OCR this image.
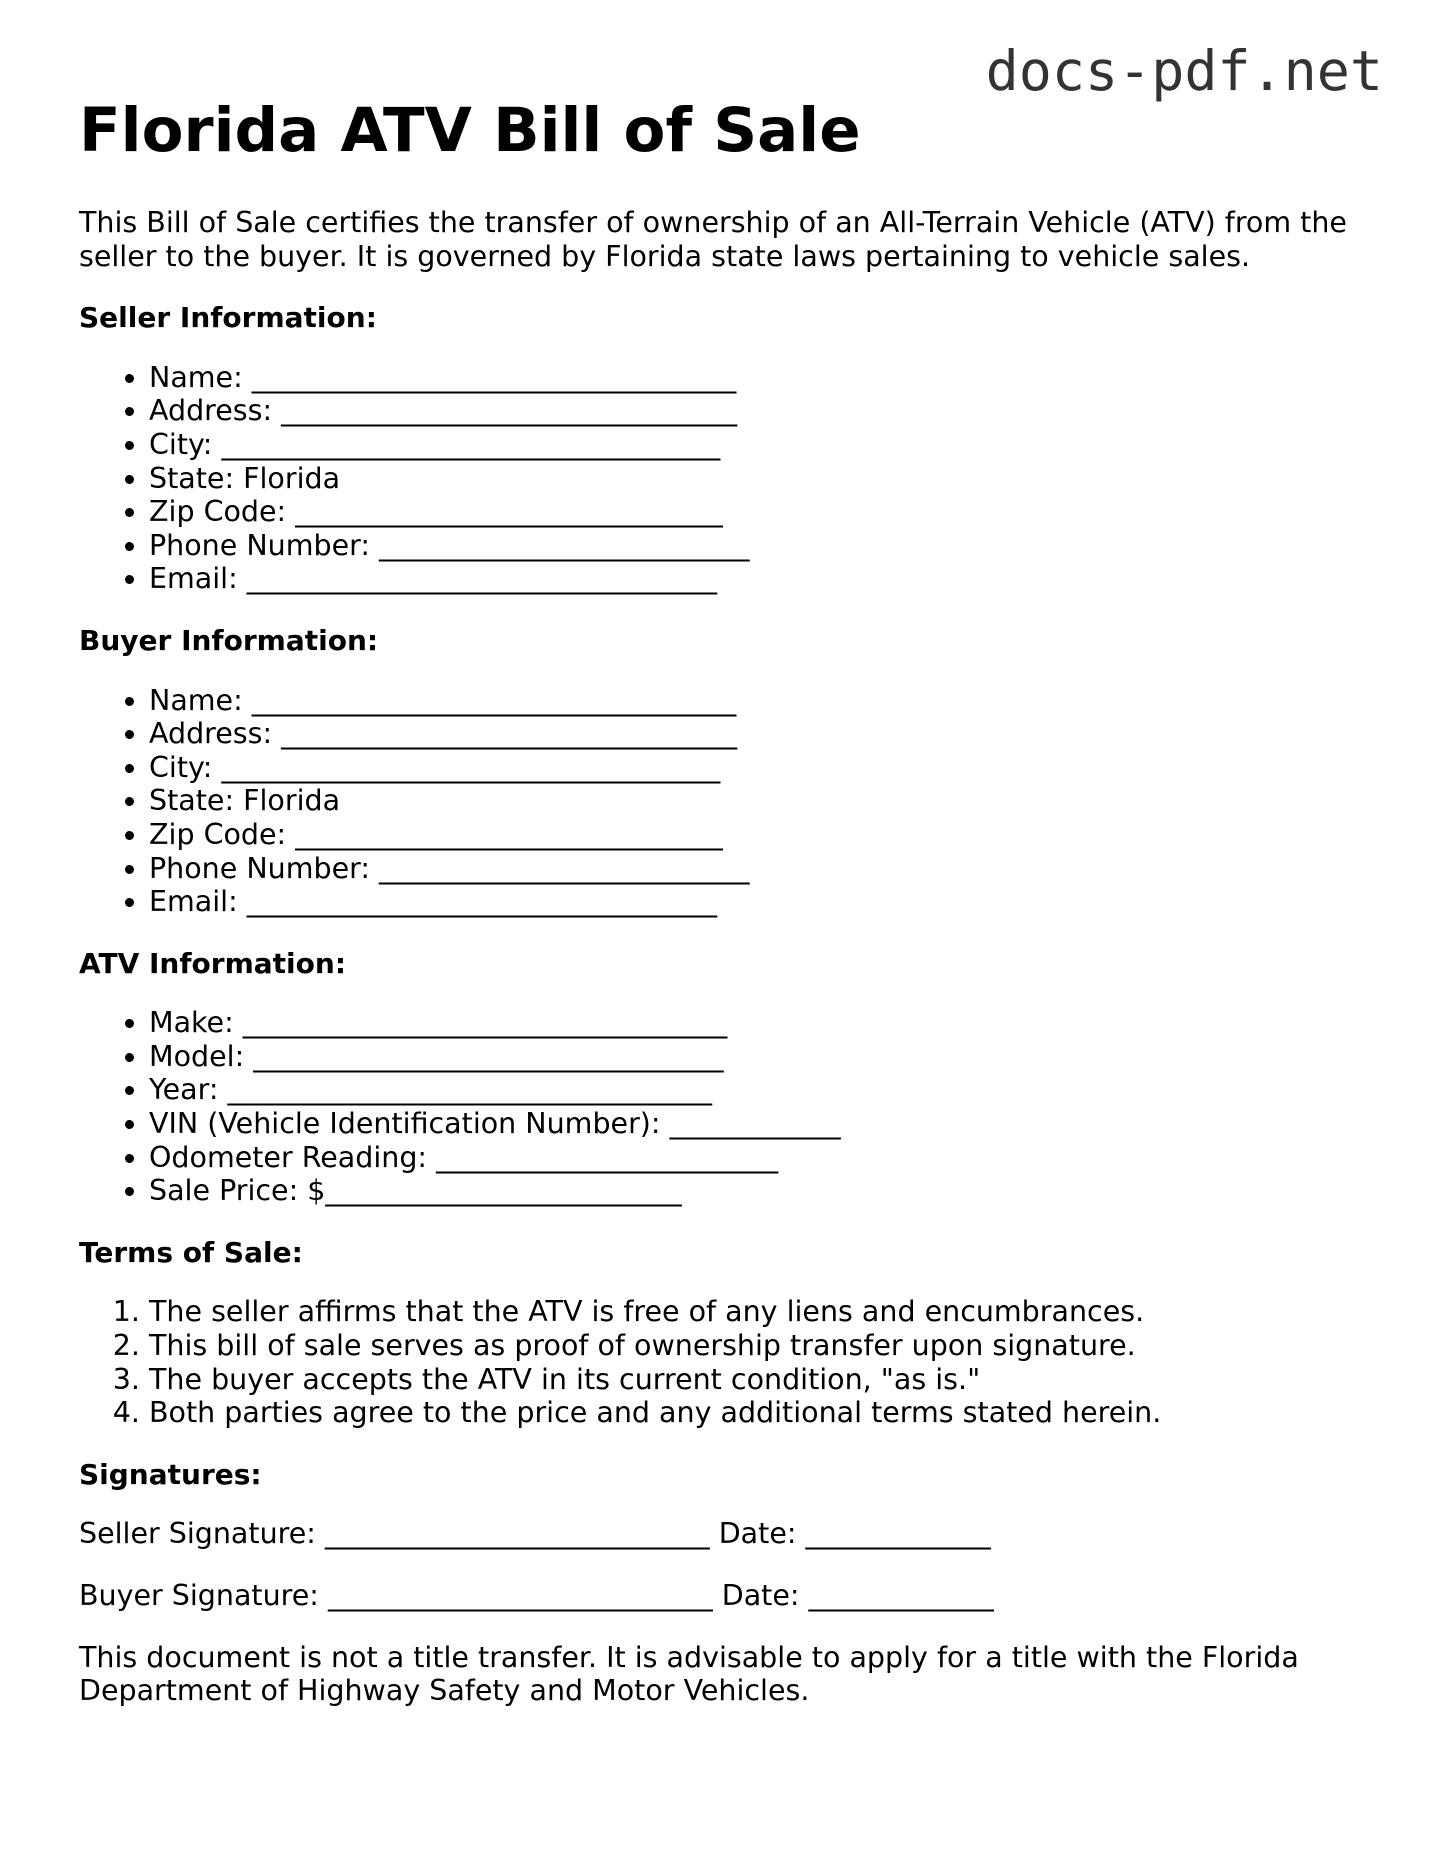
docs-pdf.net
Florida ATV Bill of Sale

This Bill of Sale certifies the transfer of ownership of an All-Terrain Vehicle (ATV) from the seller to the buyer. It is governed by Florida state laws pertaining to vehicle sales.

Seller Information:
• Name: __________________________________
• Address: ________________________________
• City: ___________________________________
• State: Florida
• Zip Code: ______________________________
• Phone Number: __________________________
• Email: _________________________________
Buyer Information:
• Name: __________________________________
• Address: ________________________________
• City: ___________________________________
• State: Florida
• Zip Code: ______________________________
• Phone Number: __________________________
• Email: _________________________________
ATV Information:
• Make: __________________________________
• Model: _________________________________
• Year: __________________________________
• VIN (Vehicle Identification Number): ____________
• Odometer Reading: ________________________
• Sale Price: $_________________________
Terms of Sale:
1. The seller affirms that the ATV is free of any liens and encumbrances.
2. This bill of sale serves as proof of ownership transfer upon signature.
3. The buyer accepts the ATV in its current condition, "as is."
4. Both parties agree to the price and any additional terms stated herein.
Signatures:

Seller Signature: ___________________________ Date: _____________

Buyer Signature: ___________________________ Date: _____________

This document is not a title transfer. It is advisable to apply for a title with the Florida Department of Highway Safety and Motor Vehicles.
